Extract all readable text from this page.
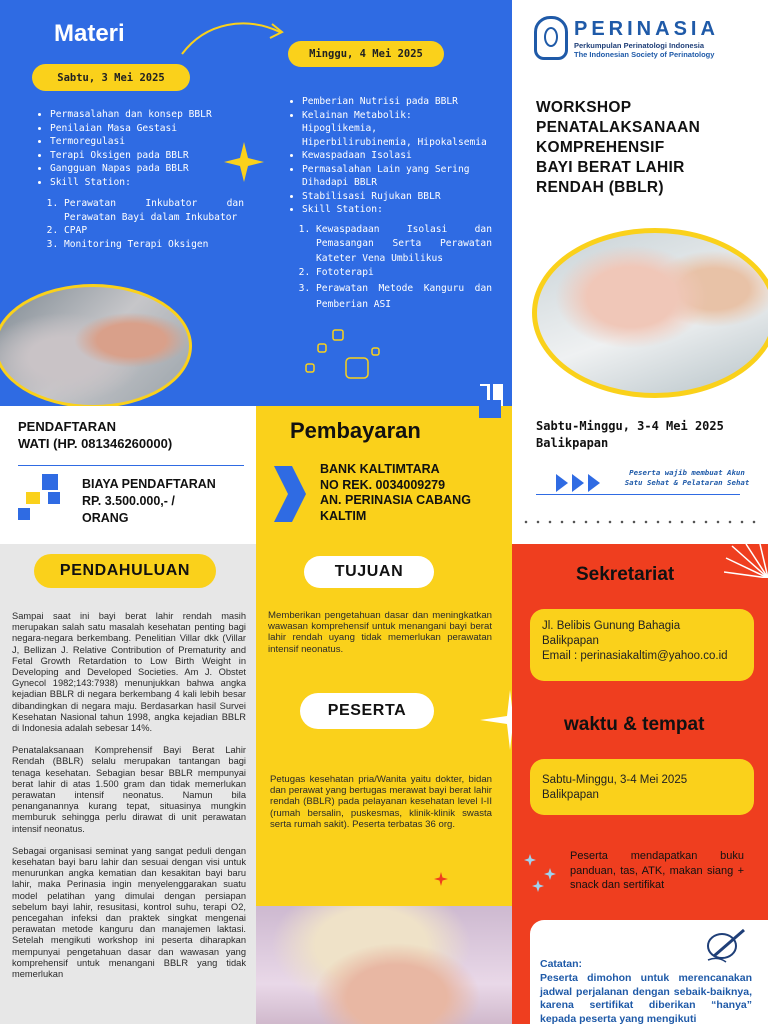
Materi
Sabtu, 3 Mei 2025
Minggu, 4 Mei 2025
• Permasalahan dan konsep BBLR
• Penilaian Masa Gestasi
• Termoregulasi
• Terapi Oksigen pada BBLR
• Gangguan Napas pada BBLR
• Skill Station:
1. Perawatan Inkubator dan Perawatan Bayi dalam Inkubator
2. CPAP
3. Monitoring Terapi Oksigen
• Pemberian Nutrisi pada BBLR
• Kelainan Metabolik: Hipoglikemia, Hiperbilirubinemia, Hipokalsemia
• Kewaspadaan Isolasi
• Permasalahan Lain yang Sering Dihadapi BBLR
• Stabilisasi Rujukan BBLR
• Skill Station:
1. Kewaspadaan Isolasi dan Pemasangan Serta Perawatan Kateter Vena Umbilikus
2. Fototerapi
3. Perawatan Metode Kanguru dan Pemberian ASI
PERINASIA
Perkumpulan Perinatologi Indonesia
The Indonesian Society of Perinatology
WORKSHOP
PENATALAKSANAAN
KOMPREHENSIF
BAYI BERAT LAHIR
RENDAH (BBLR)
PENDAFTARAN
WATI (HP. 081346260000)
BIAYA PENDAFTARAN
RP. 3.500.000,- /
ORANG
Pembayaran
BANK KALTIMTARA
NO REK. 0034009279
AN. PERINASIA CABANG
KALTIM
Sabtu-Minggu, 3-4 Mei 2025
Balikpapan
Peserta wajib membuat Akun
Satu Sehat & Pelataran Sehat
PENDAHULUAN

Sampai saat ini bayi berat lahir rendah masih merupakan salah satu masalah kesehatan penting bagi negara-negara berkembang. Penelitian Villar dkk (Villar J, Bellizan J. Relative Contribution of Prematurity and Fetal Growth Retardation to Low Birth Weight in Developing and Developed Societies. Am J. Obstet Gynecol 1982;143:7938) menunjukkan bahwa angka kejadian BBLR di negara berkembang 4 kali lebih besar dibandingkan di negara maju. Berdasarkan hasil Survei Kesehatan Nasional tahun 1998, angka kejadian BBLR di Indonesia adalah sebesar 14%.

Penatalaksanaan Komprehensif Bayi Berat Lahir Rendah (BBLR) selalu merupakan tantangan bagi tenaga kesehatan. Sebagian besar BBLR mempunyai berat lahir di atas 1.500 gram dan tidak memerlukan perawatan intensif neonatus. Namun bila penanganannya kurang tepat, situasinya mungkin memburuk sehingga perlu dirawat di unit perawatan intensif neonatus.

Sebagai organisasi seminat yang sangat peduli dengan kesehatan bayi baru lahir dan sesuai dengan visi untuk menurunkan angka kematian dan kesakitan bayi baru lahir, maka Perinasia ingin menyelenggarakan suatu model pelatihan yang dimulai dengan persiapan sebelum bayi lahir, resusitasi, kontrol suhu, terapi O2, pencegahan infeksi dan praktek singkat mengenai perawatan metode kanguru dan manajemen laktasi. Setelah mengikuti workshop ini peserta diharapkan mempunyai pengetahuan dasar dan wawasan yang komprehensif untuk menangani BBLR yang tidak memerlukan

TUJUAN
Memberikan pengetahuan dasar dan meningkatkan wawasan komprehensif untuk menangani bayi berat lahir rendah uyang tidak memerlukan perawatan intensif neonatus.
PESERTA
Petugas kesehatan pria/Wanita yaitu dokter, bidan dan perawat yang bertugas merawat bayi berat lahir rendah (BBLR) pada pelayanan kesehatan level I-II (rumah bersalin, puskesmas, klinik-klinik swasta serta rumah sakit). Peserta terbatas 36 org.
Sekretariat
Jl. Belibis Gunung Bahagia
Balikpapan
Email : perinasiakaltim@yahoo.co.id
waktu & tempat
Sabtu-Minggu, 3-4 Mei 2025
Balikpapan
Peserta mendapatkan buku panduan, tas, ATK, makan siang + snack dan sertifikat
Catatan:
Peserta dimohon untuk merencanakan jadwal perjalanan dengan sebaik-baiknya, karena sertifikat diberikan “hanya” kepada peserta yang mengikuti
